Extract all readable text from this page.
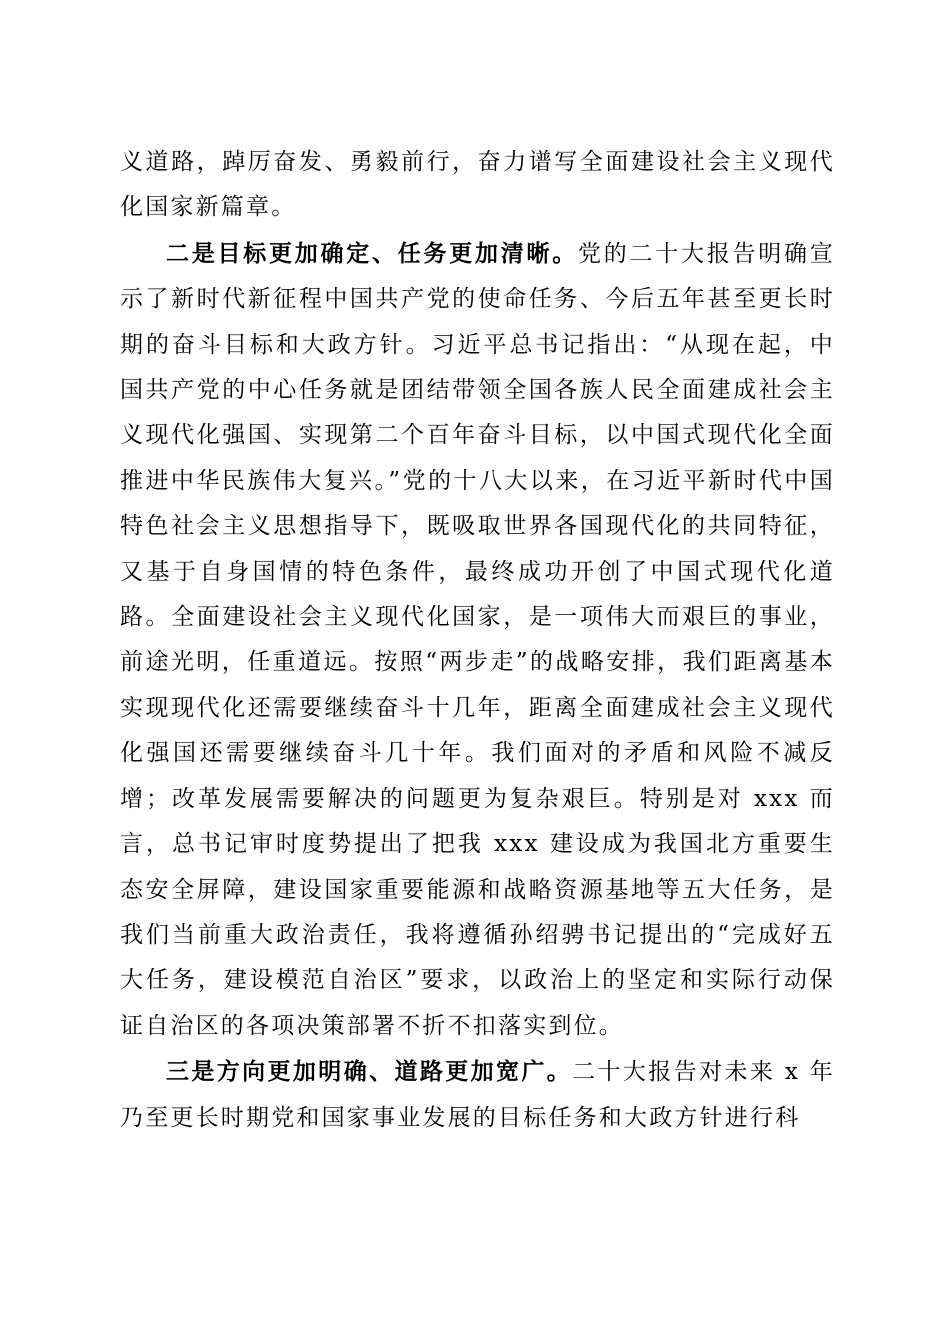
义道路，踔厉奋发、勇毅前行，奋力谱写全面建设社会主义现代化国家新篇章。

二是目标更加确定、任务更加清晰。党的二十大报告明确宣示了新时代新征程中国共产党的使命任务、今后五年甚至更长时期的奋斗目标和大政方针。习近平总书记指出：“从现在起，中国共产党的中心任务就是团结带领全国各族人民全面建成社会主义现代化强国、实现第二个百年奋斗目标，以中国式现代化全面推进中华民族伟大复兴。”党的十八大以来，在习近平新时代中国特色社会主义思想指导下，既吸取世界各国现代化的共同特征，又基于自身国情的特色条件，最终成功开创了中国式现代化道路。全面建设社会主义现代化国家，是一项伟大而艰巨的事业，前途光明，任重道远。按照“两步走”的战略安排，我们距离基本实现现代化还需要继续奋斗十几年，距离全面建成社会主义现代化强国还需要继续奋斗几十年。我们面对的矛盾和风险不减反增；改革发展需要解决的问题更为复杂艰巨。特别是对 xxx 而言，总书记审时度势提出了把我 xxx 建设成为我国北方重要生态安全屏障，建设国家重要能源和战略资源基地等五大任务，是我们当前重大政治责任，我将遵循孙绍骋书记提出的“完成好五大任务，建设模范自治区”要求，以政治上的坚定和实际行动保证自治区的各项决策部署不折不扣落实到位。

三是方向更加明确、道路更加宽广。二十大报告对未来 x 年乃至更长时期党和国家事业发展的目标任务和大政方针进行科
